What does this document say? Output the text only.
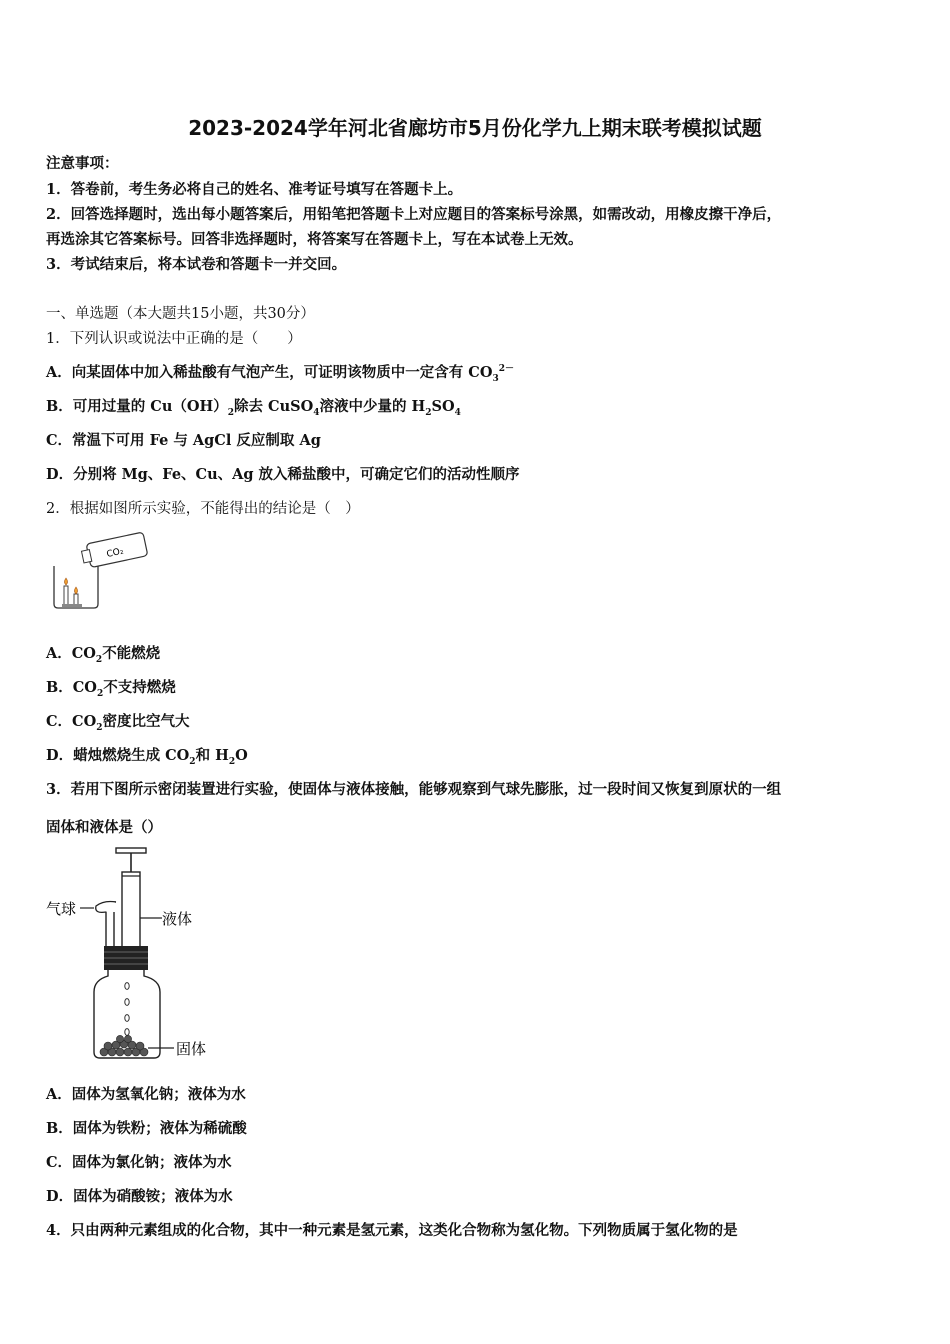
2023-2024学年河北省廊坊市5月份化学九上期末联考模拟试题
注意事项：
1．答卷前，考生务必将自己的姓名、准考证号填写在答题卡上。
2．回答选择题时，选出每小题答案后，用铅笔把答题卡上对应题目的答案标号涂黑，如需改动，用橡皮擦干净后，
再选涂其它答案标号。回答非选择题时，将答案写在答题卡上，写在本试卷上无效。
3．考试结束后，将本试卷和答题卡一并交回。
一、单选题（本大题共15小题，共30分）
1．下列认识或说法中正确的是（　　）
A．向某固体中加入稀盐酸有气泡产生，可证明该物质中一定含有 $CO_3^{2-}$
B．可用过量的 $Cu(OH)_2$除去 CuSO$_4$溶液中少量的 $H_2SO_4$
C．常温下可用 Fe 与 AgCl 反应制取 Ag
D．分别将 Mg、Fe、Cu、Ag 放入稀盐酸中，可确定它们的活动性顺序
2．根据如图所示实验，不能得出的结论是（　）
CO₂
A．$CO_2$不能燃烧
B．$CO_2$不支持燃烧
C．$CO_2$密度比空气大
D．蜡烛燃烧生成 $CO_2$和 $H_2O$
3．若用下图所示密闭装置进行实验，使固体与液体接触，能够观察到气球先膨胀，过一段时间又恢复到原状的一组
固体和液体是（）
液体
气球
固体
A．固体为氢氧化钠；液体为水
B．固体为铁粉；液体为稀硫酸
C．固体为氯化钠；液体为水
D．固体为硝酸铵；液体为水
4．只由两种元素组成的化合物，其中一种元素是氢元素，这类化合物称为氢化物。下列物质属于氢化物的是
